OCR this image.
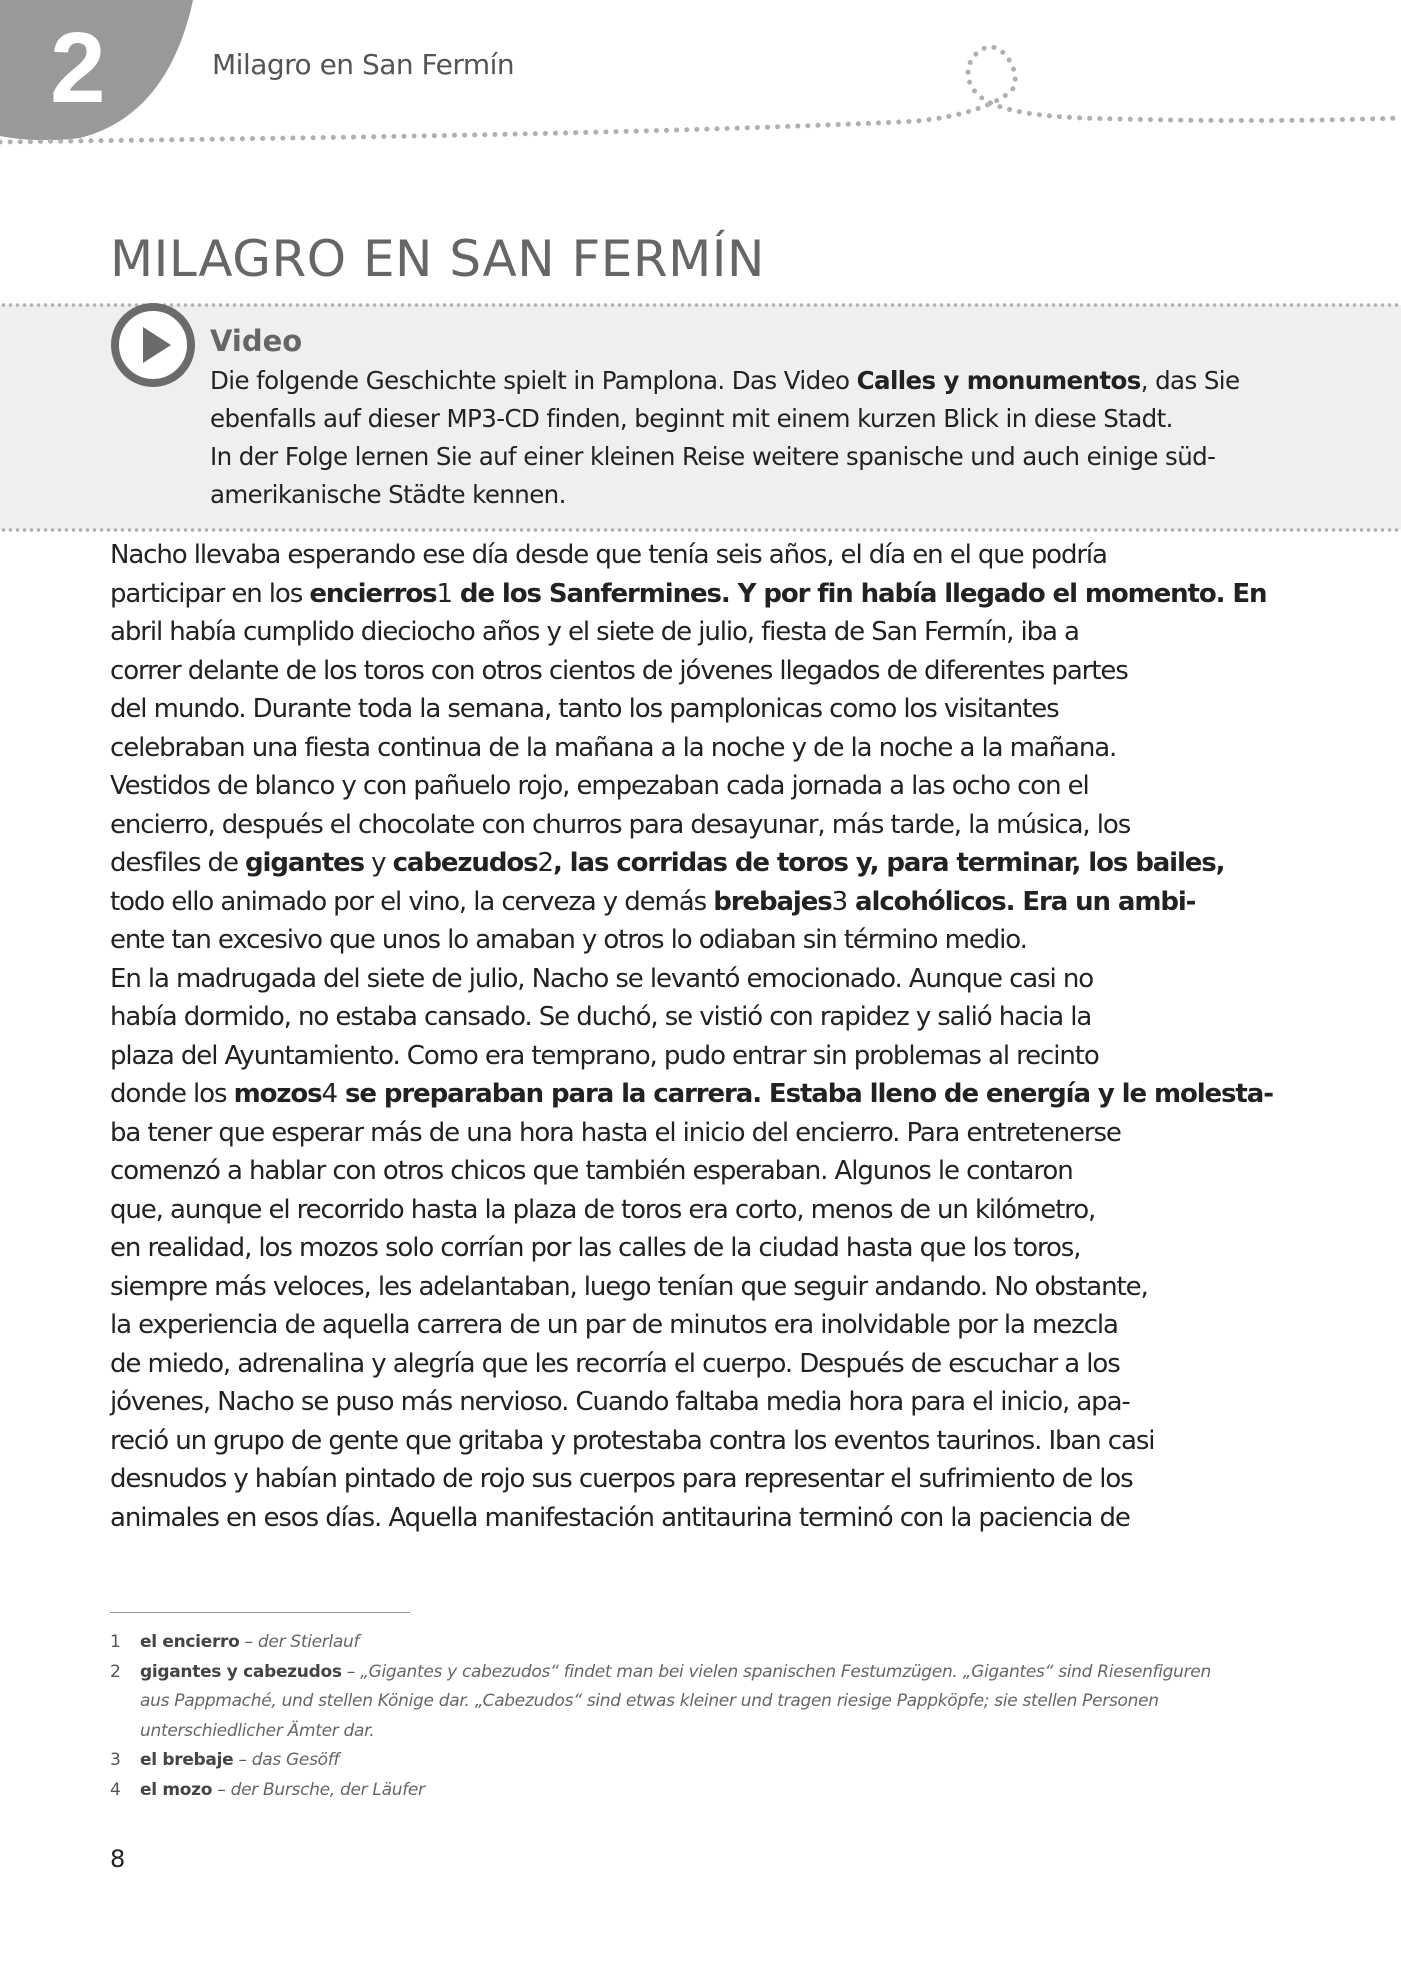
2	Milagro en San Fermín
MILAGRO EN SAN FERMÍN
Video
Die folgende Geschichte spielt in Pamplona. Das Video Calles y monumentos, das Sie
ebenfalls auf dieser MP3-CD finden, beginnt mit einem kurzen Blick in diese Stadt.
In der Folge lernen Sie auf einer kleinen Reise weitere spanische und auch einige süd-
amerikanische Städte kennen.
Nacho llevaba esperando ese día desde que tenía seis años, el día en el que podría
participar en los encierros1 de los Sanfermines. Y por fin había llegado el momento. En
abril había cumplido dieciocho años y el siete de julio, fiesta de San Fermín, iba a
correr delante de los toros con otros cientos de jóvenes llegados de diferentes partes
del mundo. Durante toda la semana, tanto los pamplonicas como los visitantes
celebraban una fiesta continua de la mañana a la noche y de la noche a la mañana.
Vestidos de blanco y con pañuelo rojo, empezaban cada jornada a las ocho con el
encierro, después el chocolate con churros para desayunar, más tarde, la música, los
desfiles de gigantes y cabezudos2, las corridas de toros y, para terminar, los bailes,
todo ello animado por el vino, la cerveza y demás brebajes3 alcohólicos. Era un ambi-
ente tan excesivo que unos lo amaban y otros lo odiaban sin término medio.
En la madrugada del siete de julio, Nacho se levantó emocionado. Aunque casi no
había dormido, no estaba cansado. Se duchó, se vistió con rapidez y salió hacia la
plaza del Ayuntamiento. Como era temprano, pudo entrar sin problemas al recinto
donde los mozos4 se preparaban para la carrera. Estaba lleno de energía y le molesta-
ba tener que esperar más de una hora hasta el inicio del encierro. Para entretenerse
comenzó a hablar con otros chicos que también esperaban. Algunos le contaron
que, aunque el recorrido hasta la plaza de toros era corto, menos de un kilómetro,
en realidad, los mozos solo corrían por las calles de la ciudad hasta que los toros,
siempre más veloces, les adelantaban, luego tenían que seguir andando. No obstante,
la experiencia de aquella carrera de un par de minutos era inolvidable por la mezcla
de miedo, adrenalina y alegría que les recorría el cuerpo. Después de escuchar a los
jóvenes, Nacho se puso más nervioso. Cuando faltaba media hora para el inicio, apa-
reció un grupo de gente que gritaba y protestaba contra los eventos taurinos. Iban casi
desnudos y habían pintado de rojo sus cuerpos para representar el sufrimiento de los
animales en esos días. Aquella manifestación antitaurina terminó con la paciencia de
1 el encierro – der Stierlauf
2 gigantes y cabezudos – „Gigantes y cabezudos“ findet man bei vielen spanischen Festumzügen. „Gigantes“ sind Riesenfiguren
aus Pappmaché, und stellen Könige dar. „Cabezudos“ sind etwas kleiner und tragen riesige Pappköpfe; sie stellen Personen
unterschiedlicher Ämter dar.
3 el brebaje – das Gesöff
4 el mozo – der Bursche, der Läufer
8
